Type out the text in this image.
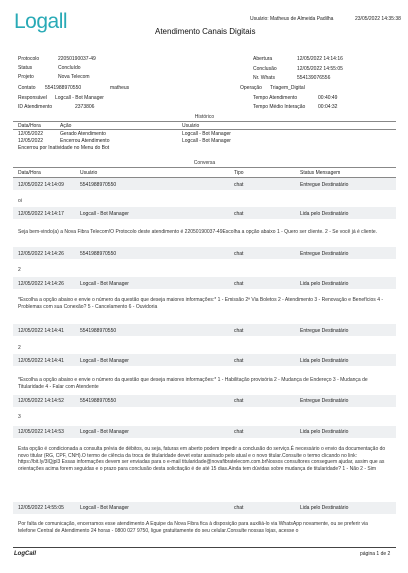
Logall	Usuário: Matheus de Almeida Padilha	23/05/2022 14:35:38
Atendimento Canais Digitais
Protocolo	22050190037-49
Status	Concluído
Projeto	Nova Telecom
Contato 5541988970550	matheus
Responsável Logcall - Bot Manager
ID Atendimento	2373806
Abertura	12/05/2022 14:14:16
Conclusão	12/05/2022 14:55:05
Nr. Whats	554139076556
Operação Triagem_Digital
Tempo Atendimento	00:40:49
Tempo Médio Interação	00:04:32
Histórico
Data/Hora	Ação	Usuário
12/05/2022	Gerado Atendimento	Logcall - Bot Manager
12/05/2022	Encerrou Atendimento	Logcall - Bot Manager
Encerrou por Inatividade no Menu do Bot
Conversa
Data/Hora	Usuário	Tipo	Status Mensagem
12/05/2022 14:14:09	5541988970550	chat	Entregue Destinatário
oi
12/05/2022 14:14:17	Logcall - Bot Manager	chat	Lida pelo Destinatário
Seja bem-vindo(a) a Nova Fibra Telecom!O Protocolo deste atendimento é 22050190037-49Escolha a opção abaixo 1 - Quero ser cliente. 2 - Se você já é cliente.
12/05/2022 14:14:26	5541988970550	chat	Entregue Destinatário
2
12/05/2022 14:14:26	Logcall - Bot Manager	chat	Lida pelo Destinatário
*Escolha a opção abaixo e envie o número da questão que deseja maiores informações:* 1 - Emissão 2ª Via Boletos 2 - Atendimento 3 - Renovação e Benefícios 4 - Problemas com sua Conexão? 5 - Cancelamento 6 - Ouvidoria
12/05/2022 14:14:41	5541988970550	chat	Entregue Destinatário
2
12/05/2022 14:14:41	Logcall - Bot Manager	chat	Lida pelo Destinatário
*Escolha a opção abaixo e envie o número da questão que deseja maiores informações:* 1 - Habilitação provisória 2 - Mudança de Endereço 3 - Mudança de Titularidade 4 - Falar com Atendente
12/05/2022 14:14:52	5541988970550	chat	Entregue Destinatário
3
12/05/2022 14:14:53	Logcall - Bot Manager	chat	Lida pelo Destinatário
Esta opção é condicionada a consulta prévia de débitos, ou seja, faturas em aberto podem impedir a conclusão do serviço.É necessário o envio da documentação do novo titular (RG, CPF, CNH).O termo de ciência da troca de titularidade devet estar assinado pelo atual e o novo titular.Consulte o termo clicando no link: https://bit.ly/3lQjpl3 Essas informações devem ser enviadas para o e-mail titularidade@novafibratelecom.com.brNossos consultores conseguem ajudar, assim que as orientações acima forem seguidas e o prazo para conclusão desta solicitação é de até 15 dias.Ainda tem dúvidas sobre mudança de titularidade? 1 - Não 2 - Sim
12/05/2022 14:55:05	Logcall - Bot Manager	chat	Lida pelo Destinatário
Por falta de comunicação, encerramos esse atendimento.A Equipe da Nova Fibra fica à disposição para auxiliá-lo via WhatsApp novamente, ou se preferir via telefone Central de Atendimento 24 horas - 0800 027 9750, ligue gratuitamente do seu celular.Consulte nossas lojas, acesse o
LogCall	página 1 de 2
